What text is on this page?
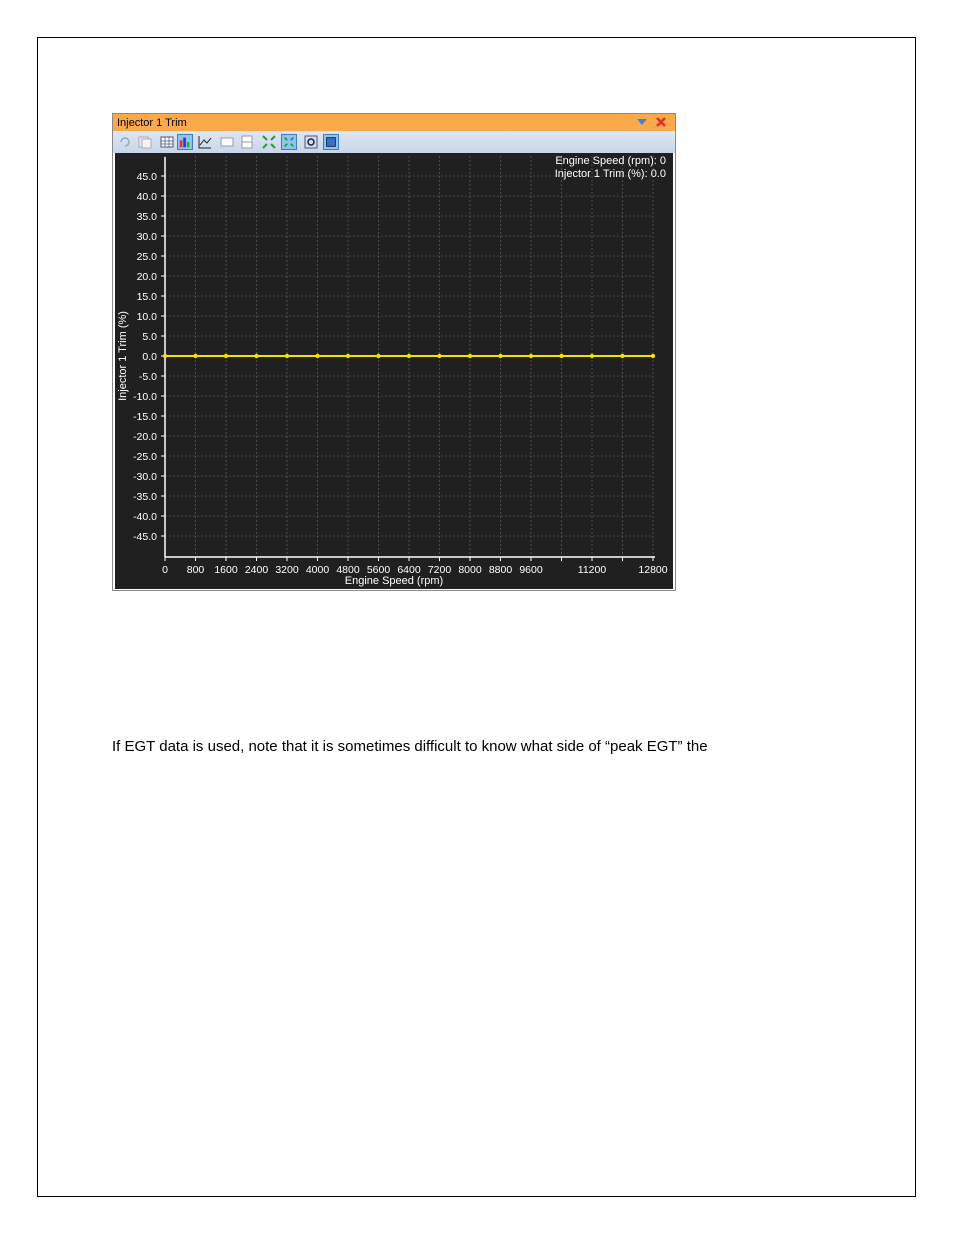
Injector 1 Trim
45.0
40.0
35.0
30.0
25.0
20.0
15.0
10.0
5.0
0.0
-5.0
-10.0
-15.0
-20.0
-25.0
-30.0
-35.0
-40.0
-45.0
0 800 1600 2400 3200 4000 4800 5600 6400 7200 8000 8800 9600	11200	12800
Engine Speed (rpm): 0
Injector 1 Trim (%): 0.0
Engine Speed (rpm)
Injector 1 Trim (%)
If EGT data is used, note that it is sometimes difficult to know what side of “peak EGT” the
